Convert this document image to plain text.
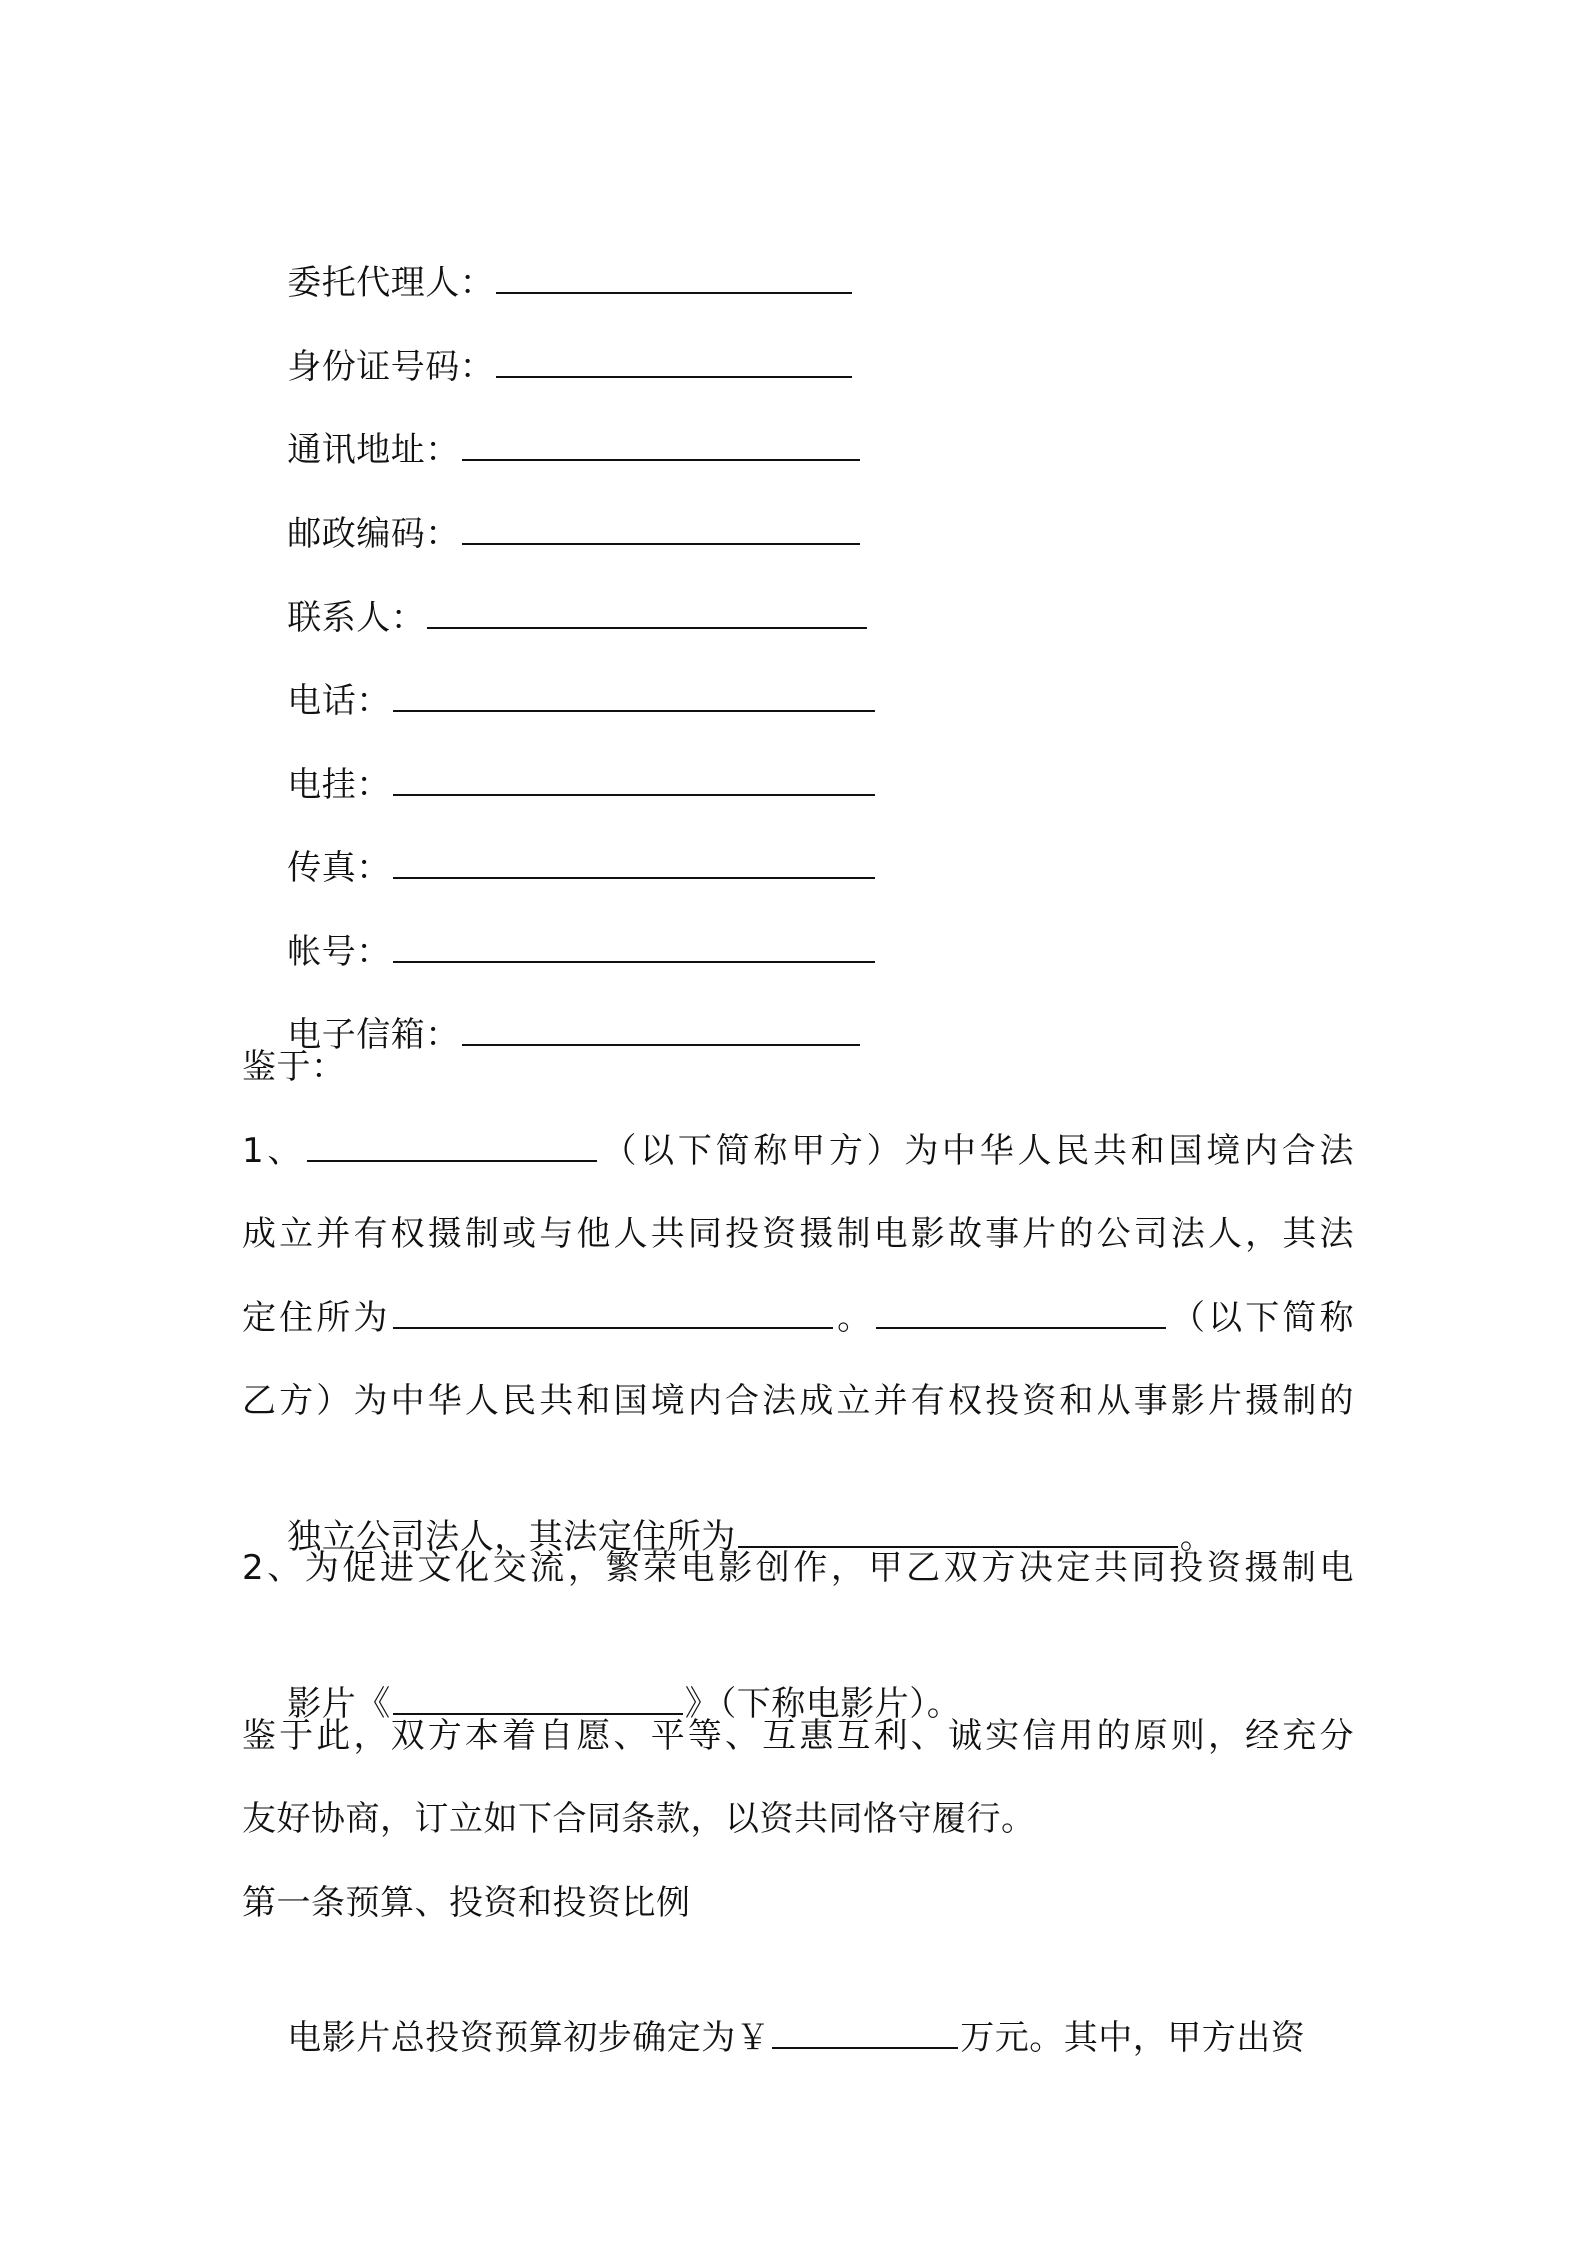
委托代理人：

身份证号码：

通讯地址：

邮政编码：

联系人：

电话：

电挂：

传真：

帐号：

电子信箱：

鉴于：
1、	（以下简称甲方）为中华人民共和国境内合法
成立并有权摄制或与他人共同投资摄制电影故事片的公司法人，其法
定住所为	。	（以下简称
乙方）为中华人民共和国境内合法成立并有权投资和从事影片摄制的

独立公司法人，其法定住所为	。

2、为促进文化交流，繁荣电影创作，甲乙双方决定共同投资摄制电

影片《	》（下称电影片）。

鉴于此，双方本着自愿、平等、互惠互利、诚实信用的原则，经充分
友好协商，订立如下合同条款，以资共同恪守履行。
第一条预算、投资和投资比例

电影片总投资预算初步确定为￥	万元。其中，甲方出资
